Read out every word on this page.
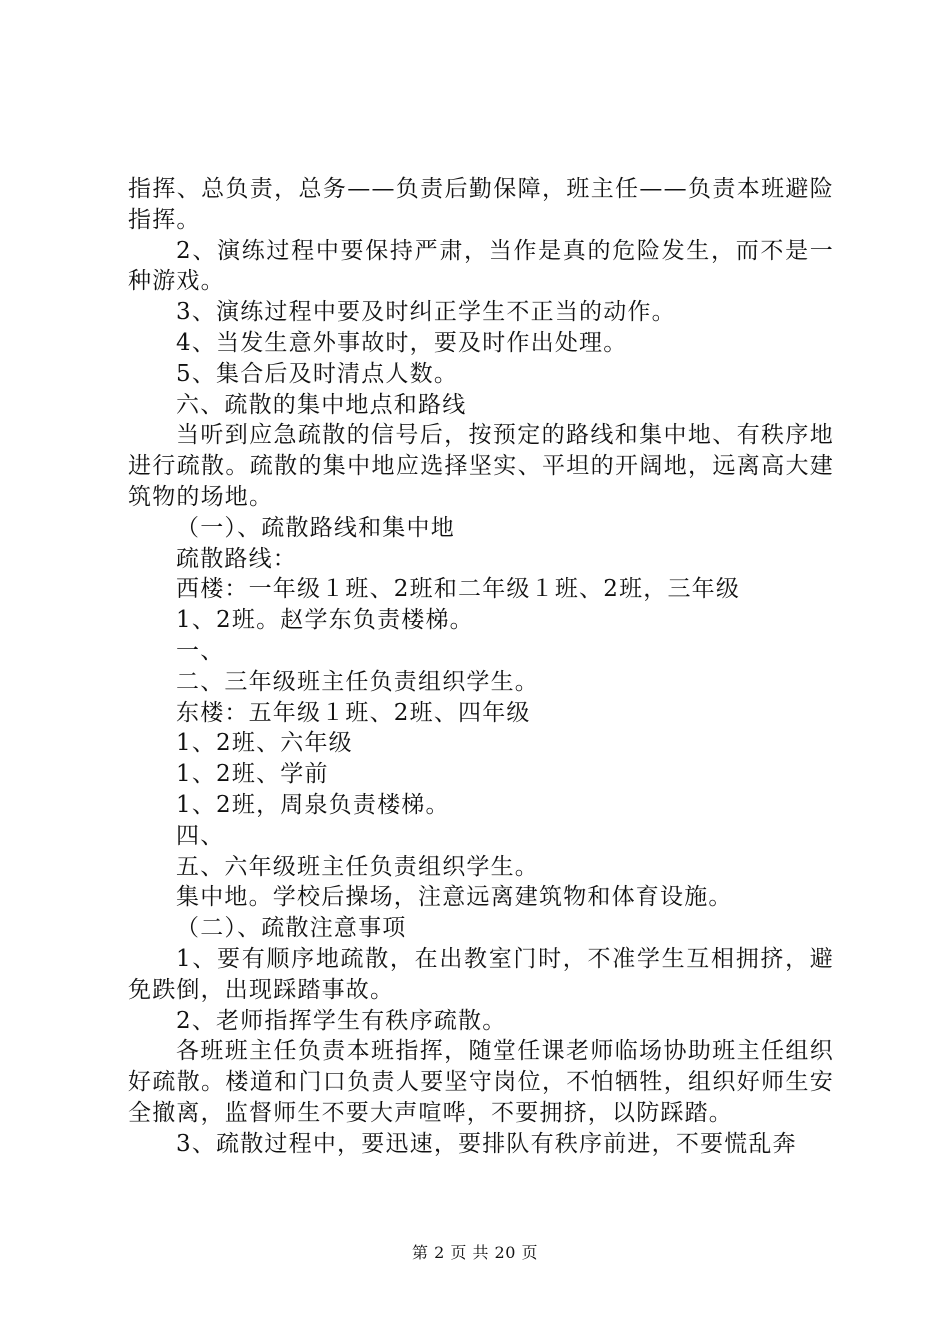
指挥、总负责，总务——负责后勤保障，班主任——负责本班避险指挥。

2、演练过程中要保持严肃，当作是真的危险发生，而不是一种游戏。

3、演练过程中要及时纠正学生不正当的动作。

4、当发生意外事故时，要及时作出处理。

5、集合后及时清点人数。

六、疏散的集中地点和路线

当听到应急疏散的信号后，按预定的路线和集中地、有秩序地进行疏散。疏散的集中地应选择坚实、平坦的开阔地，远离高大建筑物的场地。

（一）、疏散路线和集中地

疏散路线：

西楼：一年级１班、2班和二年级１班、2班，三年级

1、2班。赵学东负责楼梯。

一、

二、三年级班主任负责组织学生。

东楼：五年级１班、2班、四年级

1、2班、六年级

1、2班、学前

1、2班，周泉负责楼梯。

四、

五、六年级班主任负责组织学生。

集中地。学校后操场，注意远离建筑物和体育设施。

（二）、疏散注意事项

1、要有顺序地疏散，在出教室门时，不准学生互相拥挤，避免跌倒，出现踩踏事故。

2、老师指挥学生有秩序疏散。

各班班主任负责本班指挥，随堂任课老师临场协助班主任组织好疏散。楼道和门口负责人要坚守岗位，不怕牺牲，组织好师生安全撤离，监督师生不要大声喧哗，不要拥挤，以防踩踏。

3、疏散过程中，要迅速，要排队有秩序前进，不要慌乱奔

第 2 页 共 20 页
